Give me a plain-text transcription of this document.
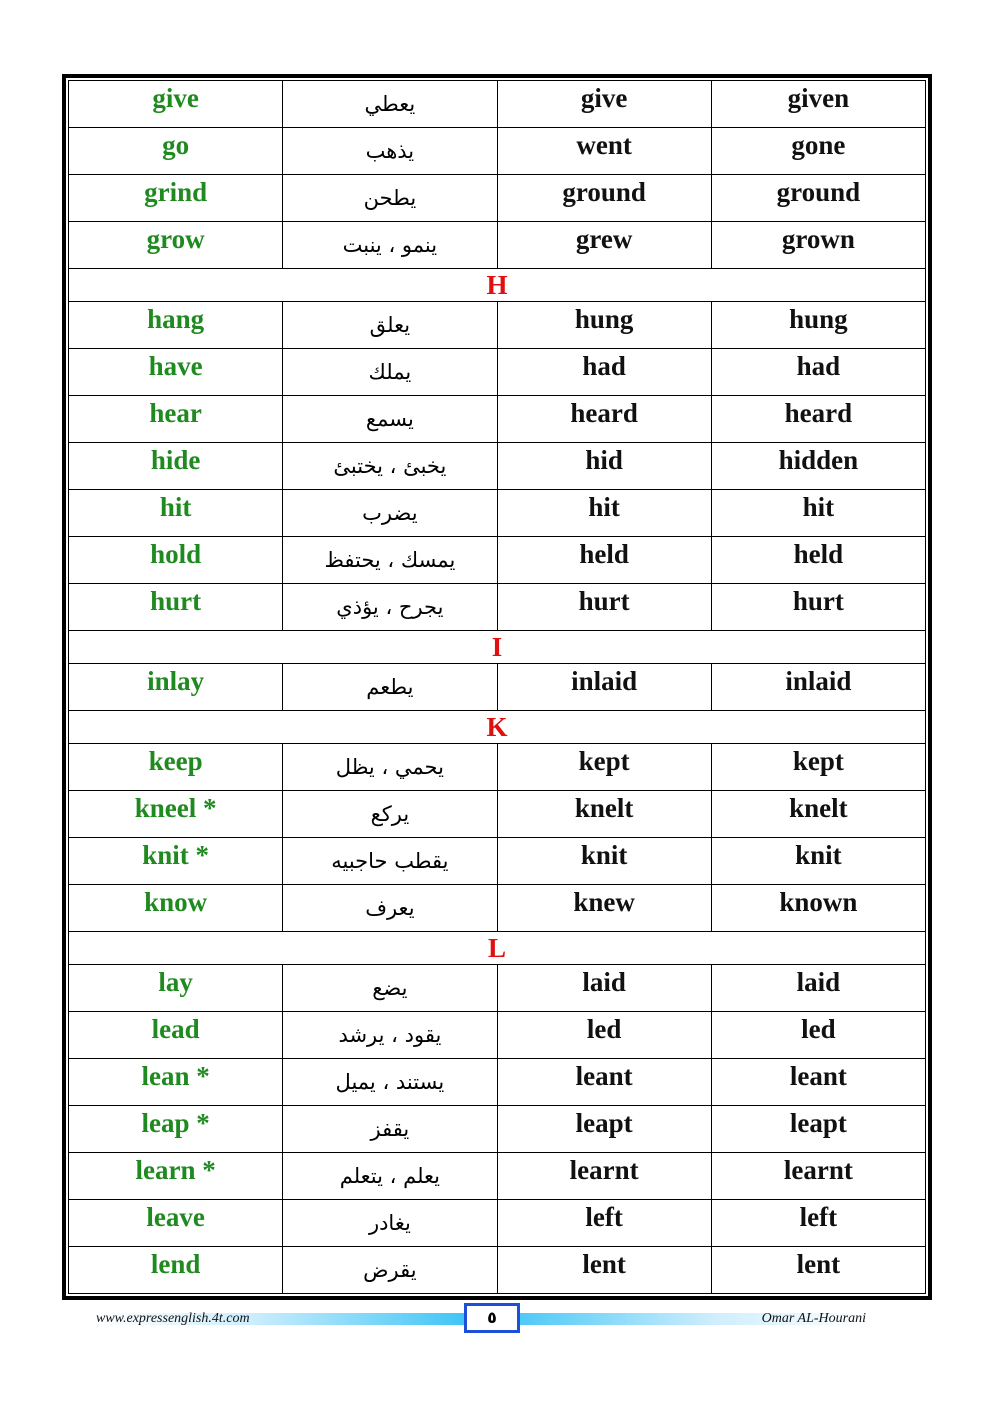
give	يعطي	give	given
go	يذهب	went	gone
grind	يطحن	ground	ground
grow	ينمو ، ينبت	grew	grown
H			
hang	يعلق	hung	hung
have	يملك	had	had
hear	يسمع	heard	heard
hide	يخبئ ، يختبئ	hid	hidden
hit	يضرب	hit	hit
hold	يمسك ، يحتفظ	held	held
hurt	يجرح ، يؤذي	hurt	hurt
I			
inlay	يطعم	inlaid	inlaid
K			
keep	يحمي ، يظل	kept	kept
kneel *	يركع	knelt	knelt
knit *	يقطب حاجبيه	knit	knit
know	يعرف	knew	known
L			
lay	يضع	laid	laid
lead	يقود ، يرشد	led	led
lean *	يستند ، يميل	leant	leant
leap *	يقفز	leapt	leapt
learn *	يعلم ، يتعلم	learnt	learnt
leave	يغادر	left	left
lend	يقرض	lent	lent
www.expressenglish.4t.com	٥	Omar AL-Hourani
